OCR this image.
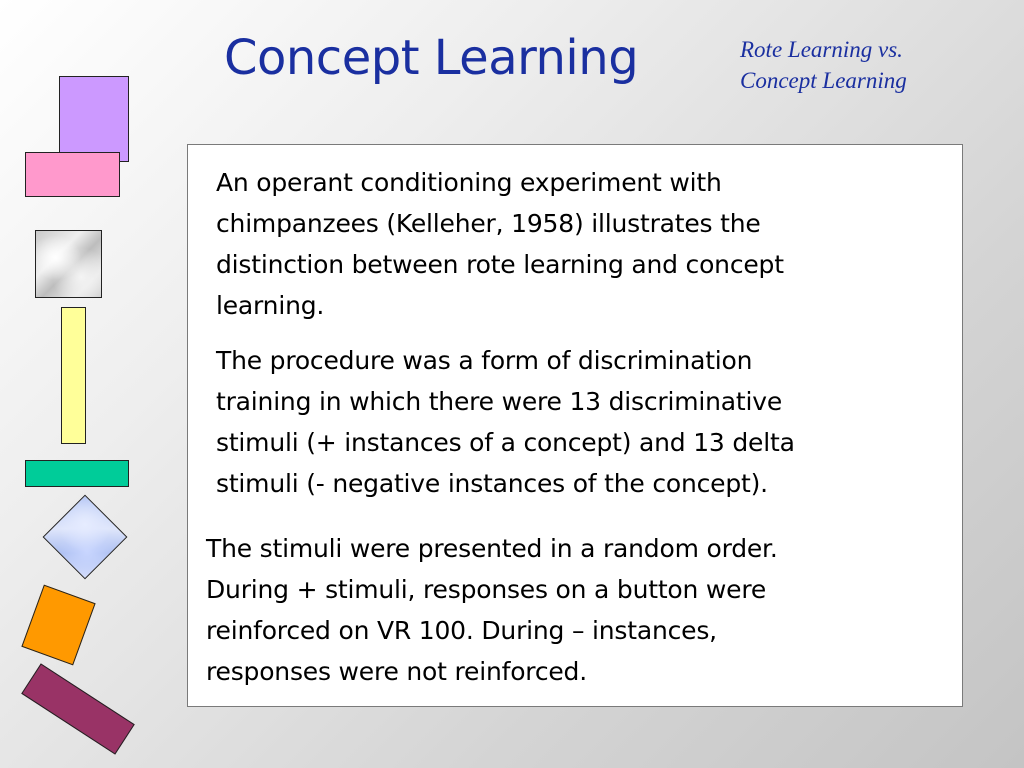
Concept Learning	Rote Learning vs.
Concept Learning
An operant conditioning experiment with
chimpanzees (Kelleher, 1958) illustrates the
distinction between rote learning and concept
learning.
The procedure was a form of discrimination
training in which there were 13 discriminative
stimuli (+ instances of a concept) and 13 delta
stimuli (- negative instances of the concept).
The stimuli were presented in a random order.
During + stimuli, responses on a button were
reinforced on VR 100. During – instances,
responses were not reinforced.
